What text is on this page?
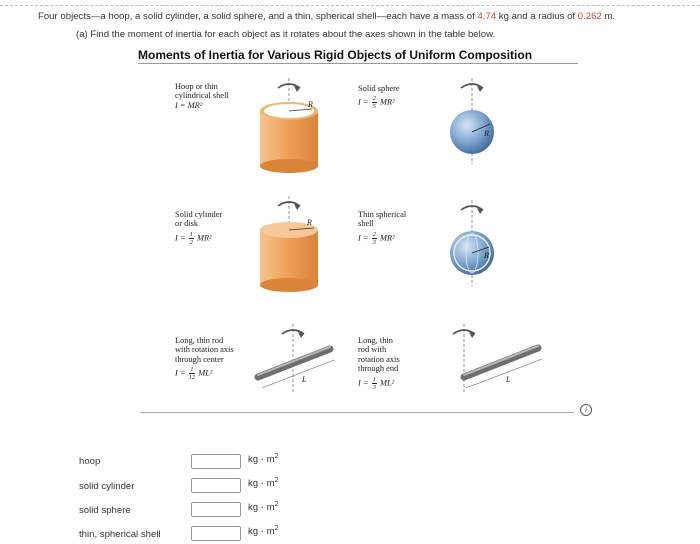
Four objects—a hoop, a solid cylinder, a solid sphere, and a thin, spherical shell—each have a mass of 4.74 kg and a radius of 0.262 m.
(a) Find the moment of inertia for each object as it rotates about the axes shown in the table below.
Moments of Inertia for Various Rigid Objects of Uniform Composition
Hoop or thin
cylindrical shell
I = MR²	R
Solid sphere
$I = \frac{2}{5} MR^2$
R
Solid cylinder
or disk
$I = \frac{1}{2} MR^2$
R
Thin spherical
shell
$I = \frac{2}{3} MR^2$
R
Long, thin rod
with rotation axis
through center
$I = \frac{1}{12} ML^2$
L
Long, thin
rod with
rotation axis
through end
$I = \frac{1}{3} ML^2$	L
i
hoop	kg · $m^2$
solid cylinder	kg · $m^2$
solid sphere	kg · $m^2$
thin, spherical shell	kg · $m^2$
